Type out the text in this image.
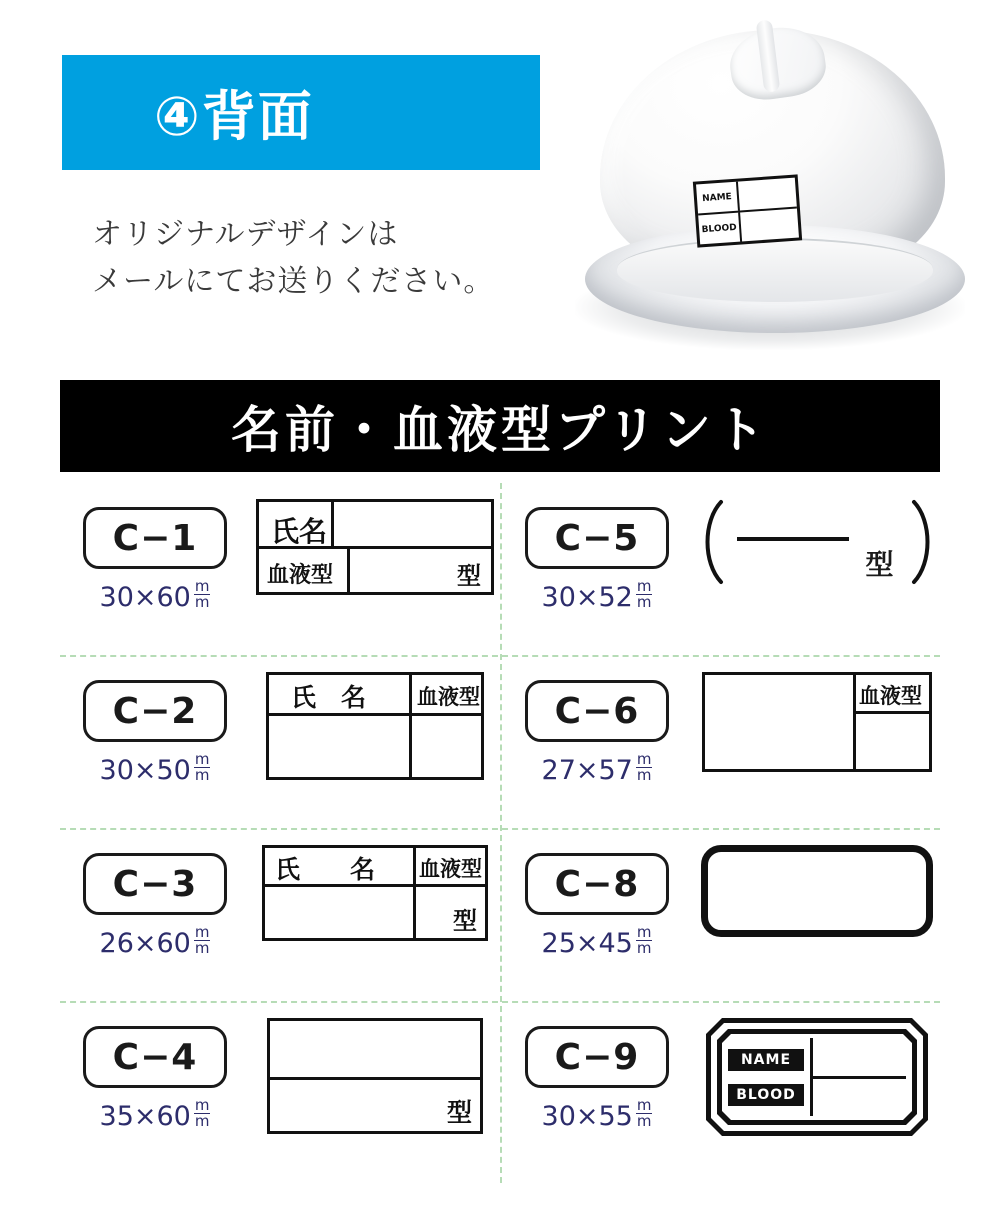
④背面
オリジナルデザインは
メールにてお送りください。
NAME
BLOOD
名前・血液型プリント
C−1
$30\times 60 \frac{m}{m}$
氏名
血液型	型
C−5
$30\times 52 \frac{m}{m}$
型
C−2
$30\times 50 \frac{m}{m}$
氏　名 血液型	C−6
$27\times 57 \frac{m}{m}$
血液型
C−3
$26\times 60 \frac{m}{m}$
氏　　名 血液型
型
C−8
$25\times 45 \frac{m}{m}$
C−4
$35\times 60 \frac{m}{m}$	型
C−9
$30\times 55 \frac{m}{m}$
NAME
BLOOD
